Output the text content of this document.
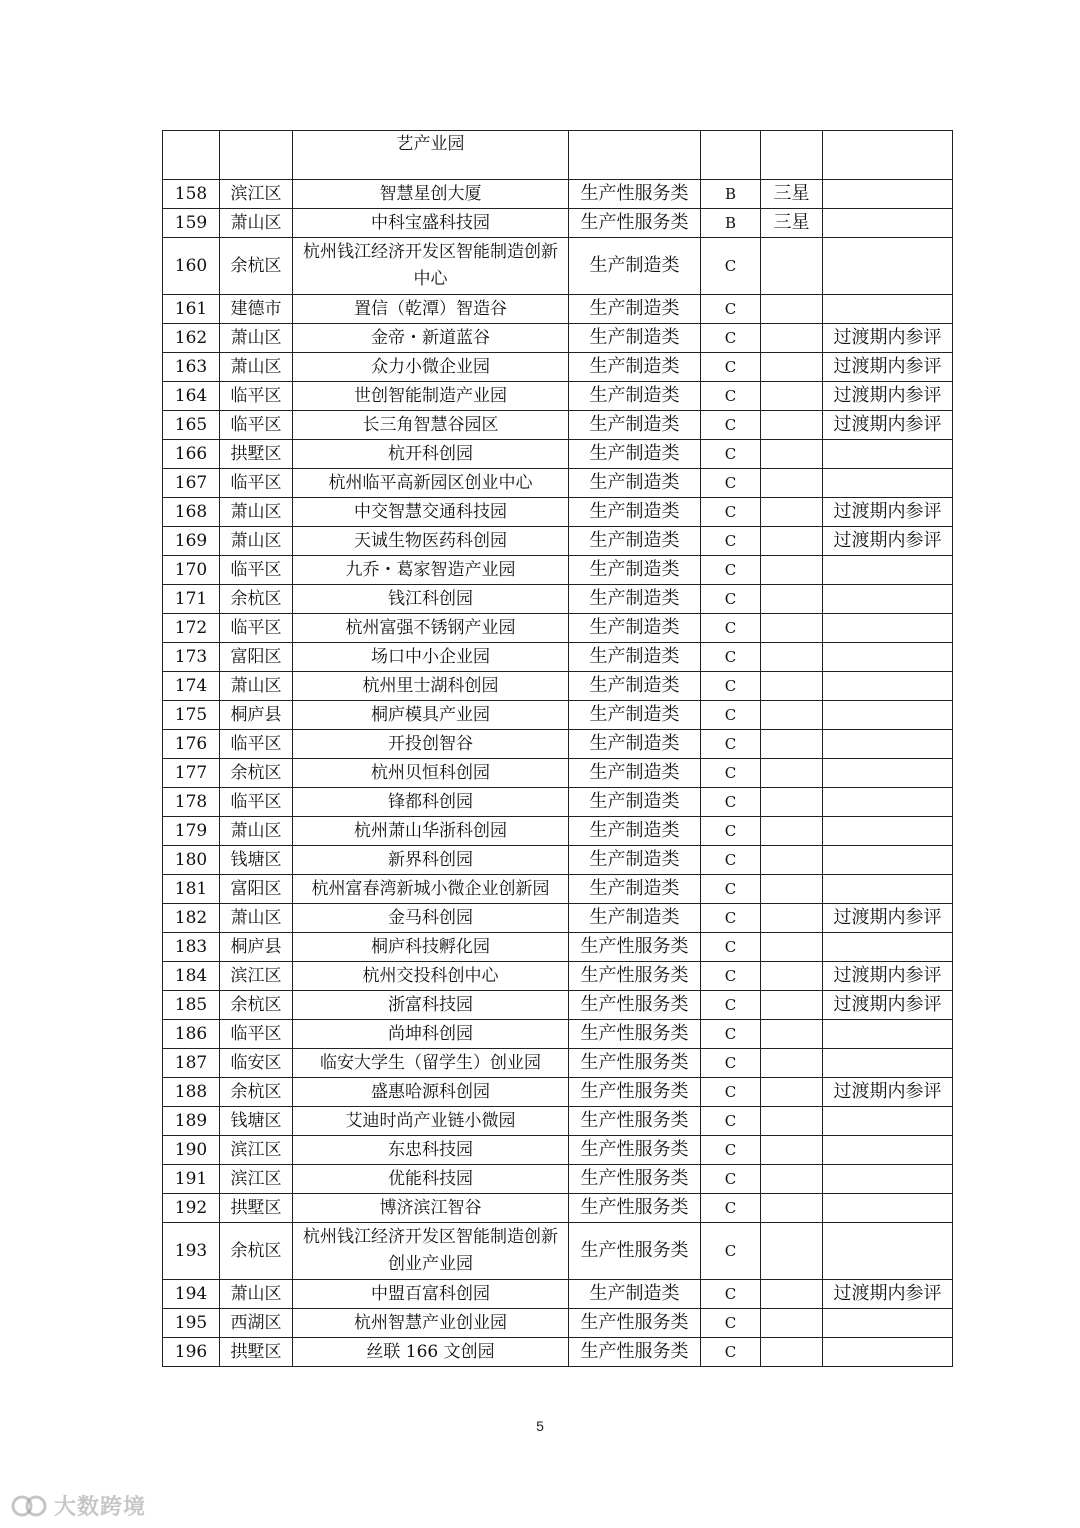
		艺产业园				
158	滨江区	智慧星创大厦	生产性服务类	B	三星	
159	萧山区	中科宝盛科技园	生产性服务类	B	三星	
160	余杭区	杭州钱江经济开发区智能制造创新中心	生产制造类	C		
161	建德市	置信（乾潭）智造谷	生产制造类	C		
162	萧山区	金帝・新道蓝谷	生产制造类	C		过渡期内参评
163	萧山区	众力小微企业园	生产制造类	C		过渡期内参评
164	临平区	世创智能制造产业园	生产制造类	C		过渡期内参评
165	临平区	长三角智慧谷园区	生产制造类	C		过渡期内参评
166	拱墅区	杭开科创园	生产制造类	C		
167	临平区	杭州临平高新园区创业中心	生产制造类	C		
168	萧山区	中交智慧交通科技园	生产制造类	C		过渡期内参评
169	萧山区	天诚生物医药科创园	生产制造类	C		过渡期内参评
170	临平区	九乔・葛家智造产业园	生产制造类	C		
171	余杭区	钱江科创园	生产制造类	C		
172	临平区	杭州富强不锈钢产业园	生产制造类	C		
173	富阳区	场口中小企业园	生产制造类	C		
174	萧山区	杭州里士湖科创园	生产制造类	C		
175	桐庐县	桐庐模具产业园	生产制造类	C		
176	临平区	开投创智谷	生产制造类	C		
177	余杭区	杭州贝恒科创园	生产制造类	C		
178	临平区	锋都科创园	生产制造类	C		
179	萧山区	杭州萧山华浙科创园	生产制造类	C		
180	钱塘区	新界科创园	生产制造类	C		
181	富阳区	杭州富春湾新城小微企业创新园	生产制造类	C		
182	萧山区	金马科创园	生产制造类	C		过渡期内参评
183	桐庐县	桐庐科技孵化园	生产性服务类	C		
184	滨江区	杭州交投科创中心	生产性服务类	C		过渡期内参评
185	余杭区	浙富科技园	生产性服务类	C		过渡期内参评
186	临平区	尚坤科创园	生产性服务类	C		
187	临安区	临安大学生（留学生）创业园	生产性服务类	C		
188	余杭区	盛惠哈源科创园	生产性服务类	C		过渡期内参评
189	钱塘区	艾迪时尚产业链小微园	生产性服务类	C		
190	滨江区	东忠科技园	生产性服务类	C		
191	滨江区	优能科技园	生产性服务类	C		
192	拱墅区	博济滨江智谷	生产性服务类	C		
193	余杭区	杭州钱江经济开发区智能制造创新创业产业园	生产性服务类	C		
194	萧山区	中盟百富科创园	生产制造类	C		过渡期内参评
195	西湖区	杭州智慧产业创业园	生产性服务类	C		
196	拱墅区	丝联 166 文创园	生产性服务类	C		
5
大数跨境
